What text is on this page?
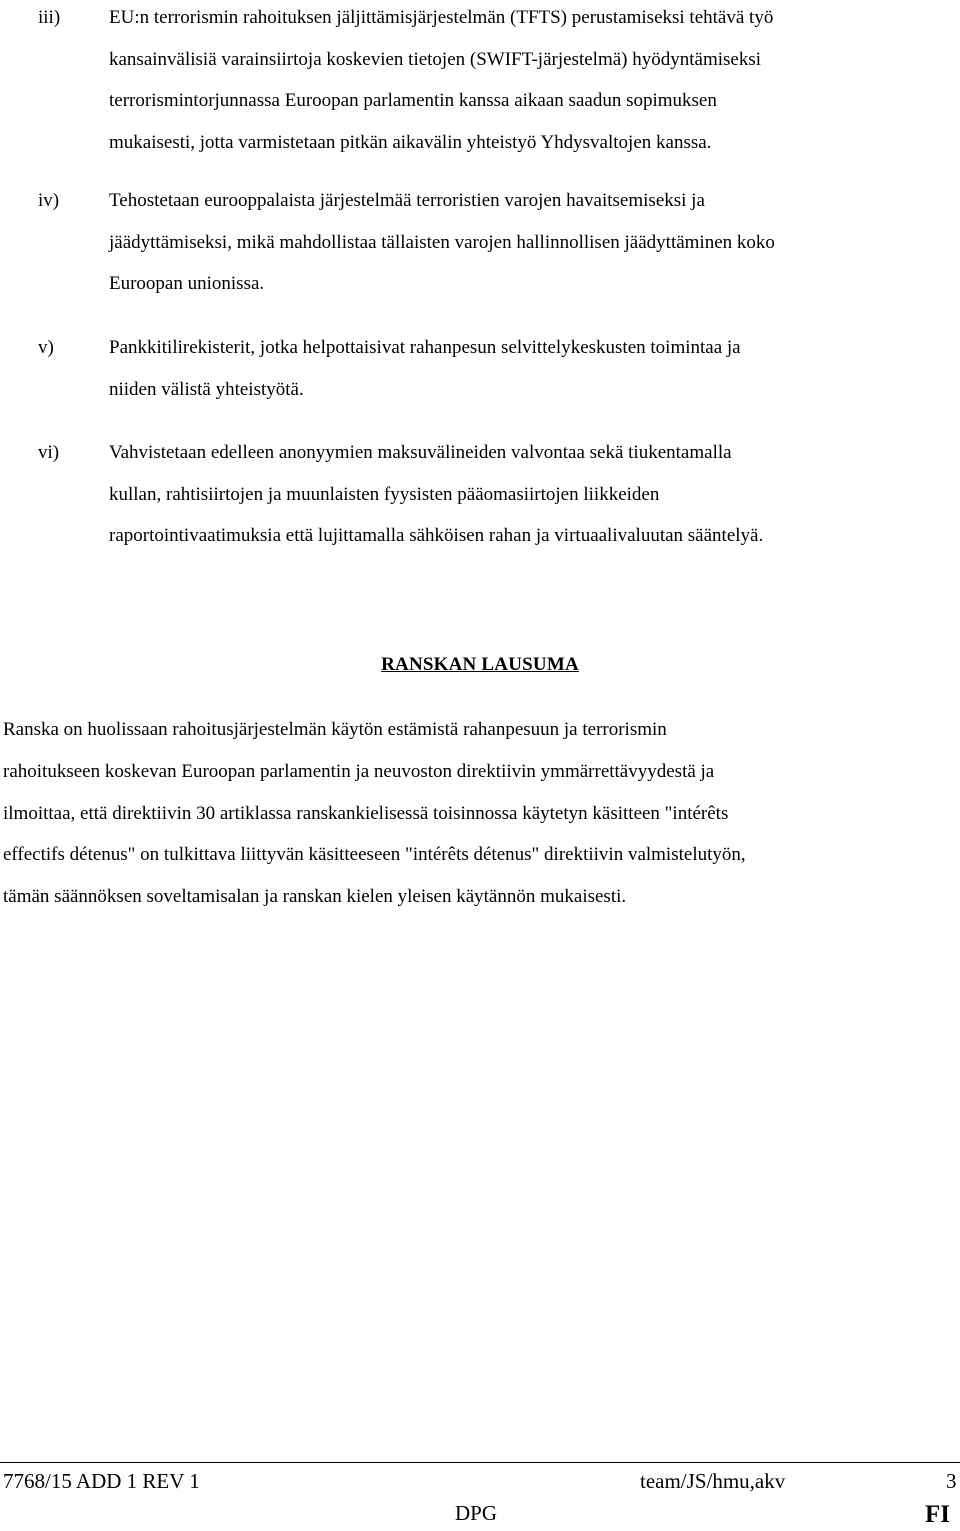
iii)	EU:n terrorismin rahoituksen jäljittämisjärjestelmän (TFTS) perustamiseksi tehtävä työ
kansainvälisiä varainsiirtoja koskevien tietojen (SWIFT-järjestelmä) hyödyntämiseksi
terrorismintorjunnassa Euroopan parlamentin kanssa aikaan saadun sopimuksen
mukaisesti, jotta varmistetaan pitkän aikavälin yhteistyö Yhdysvaltojen kanssa.
iv)	Tehostetaan eurooppalaista järjestelmää terroristien varojen havaitsemiseksi ja
jäädyttämiseksi, mikä mahdollistaa tällaisten varojen hallinnollisen jäädyttäminen koko
Euroopan unionissa.
v)	Pankkitilirekisterit, jotka helpottaisivat rahanpesun selvittelykeskusten toimintaa ja
niiden välistä yhteistyötä.
vi)	Vahvistetaan edelleen anonyymien maksuvälineiden valvontaa sekä tiukentamalla
kullan, rahtisiirtojen ja muunlaisten fyysisten pääomasiirtojen liikkeiden
raportointivaatimuksia että lujittamalla sähköisen rahan ja virtuaalivaluutan sääntelyä.
RANSKAN LAUSUMA
Ranska on huolissaan rahoitusjärjestelmän käytön estämistä rahanpesuun ja terrorismin
rahoitukseen koskevan Euroopan parlamentin ja neuvoston direktiivin ymmärrettävyydestä ja
ilmoittaa, että direktiivin 30 artiklassa ranskankielisessä toisinnossa käytetyn käsitteen "intérêts
effectifs détenus" on tulkittava liittyvän käsitteeseen "intérêts détenus" direktiivin valmistelutyön,
tämän säännöksen soveltamisalan ja ranskan kielen yleisen käytännön mukaisesti.
7768/15 ADD 1 REV 1	team/JS/hmu,akv	3
DPG	FI
